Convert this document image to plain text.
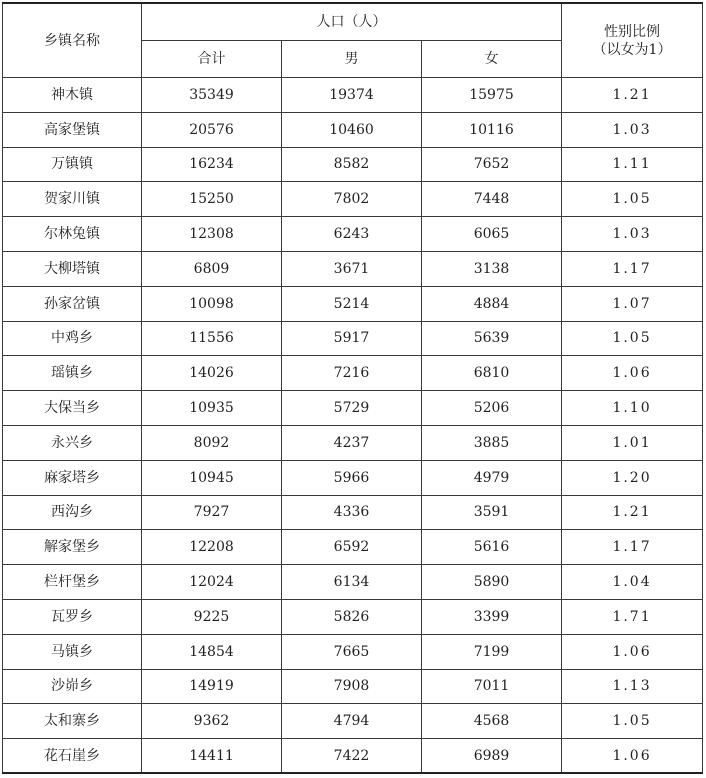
乡镇名称	人口（人）			性别比例
（以女为1）

	合计	男	女	
神木镇	35349	19374	15975	1.21
高家堡镇	20576	10460	10116	1.03
万镇镇	16234	8582	7652	1.11
贺家川镇	15250	7802	7448	1.05
尔林兔镇	12308	6243	6065	1.03
大柳塔镇	6809	3671	3138	1.17
孙家岔镇	10098	5214	4884	1.07
中鸡乡	11556	5917	5639	1.05
瑶镇乡	14026	7216	6810	1.06
大保当乡	10935	5729	5206	1.10
永兴乡	8092	4237	3885	1.01
麻家塔乡	10945	5966	4979	1.20
西沟乡	7927	4336	3591	1.21
解家堡乡	12208	6592	5616	1.17
栏杆堡乡	12024	6134	5890	1.04
瓦罗乡	9225	5826	3399	1.71
马镇乡	14854	7665	7199	1.06
沙峁乡	14919	7908	7011	1.13
太和寨乡	9362	4794	4568	1.05
花石崖乡	14411	7422	6989	1.06
